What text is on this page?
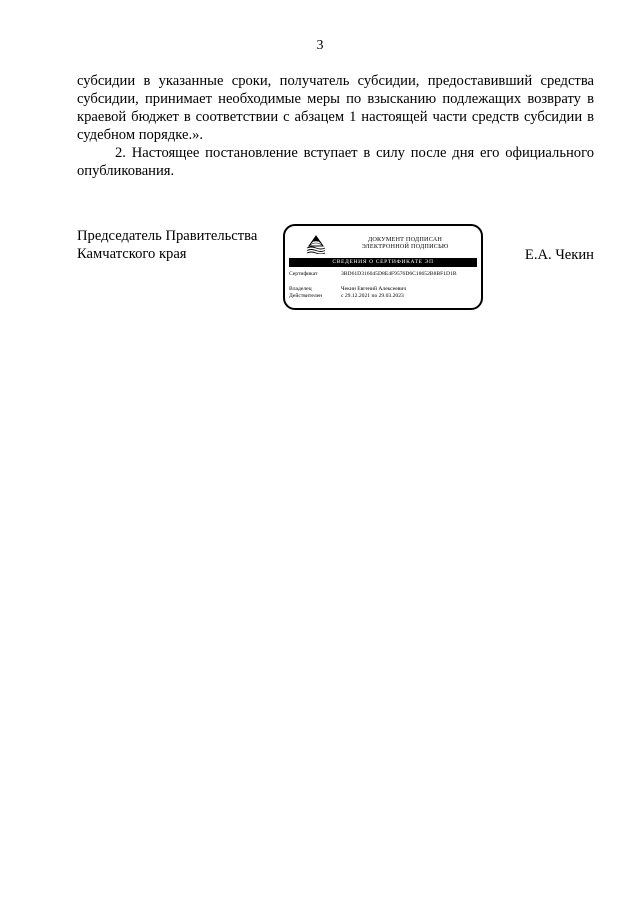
3

субсидии в указанные сроки, получатель субсидии, предоставивший средства субсидии, принимает необходимые меры по взысканию подлежащих возврату в краевой бюджет в соответствии с абзацем 1 настоящей части средств субсидии в судебном порядке.».

2. Настоящее постановление вступает в силу после дня его официального опубликования.

Председатель Правительства
Камчатского края
ДОКУМЕНТ ПОДПИСАН
ЭЛЕКТРОННОЙ ПОДПИСЬЮ
СВЕДЕНИЯ О СЕРТИФИКАТЕ ЭП
Сертификат	3BD61D316045D8E4F9576D6C18652B8BF1D1B
Владелец	Чекин Евгений Алексеевич
Действителен	с 29.12.2021 по 29.03.2023
Е.А. Чекин
